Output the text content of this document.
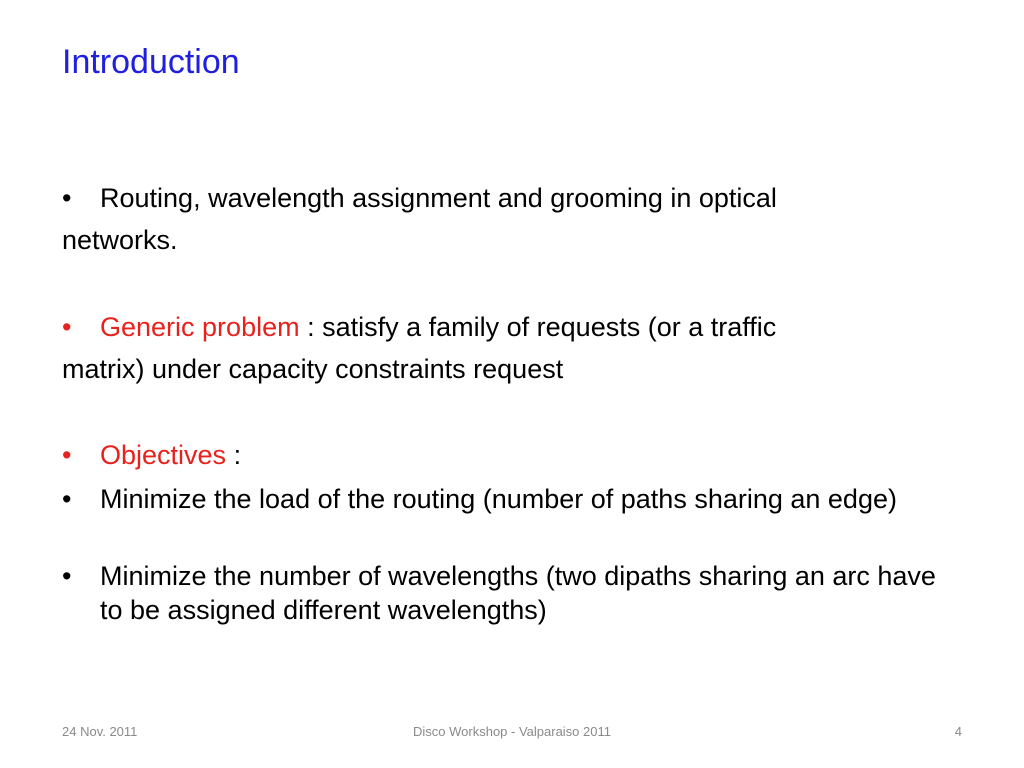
Introduction
• Routing, wavelength assignment and grooming in optical
networks.
• Generic problem : satisfy a family of requests (or a traffic
matrix) under capacity constraints request
• Objectives :
•	Minimize the load of the routing (number of paths sharing an edge)
•	Minimize the number of wavelengths (two dipaths sharing an arc have to be assigned different wavelengths)
24 Nov. 2011	Disco Workshop - Valparaiso 2011	4
